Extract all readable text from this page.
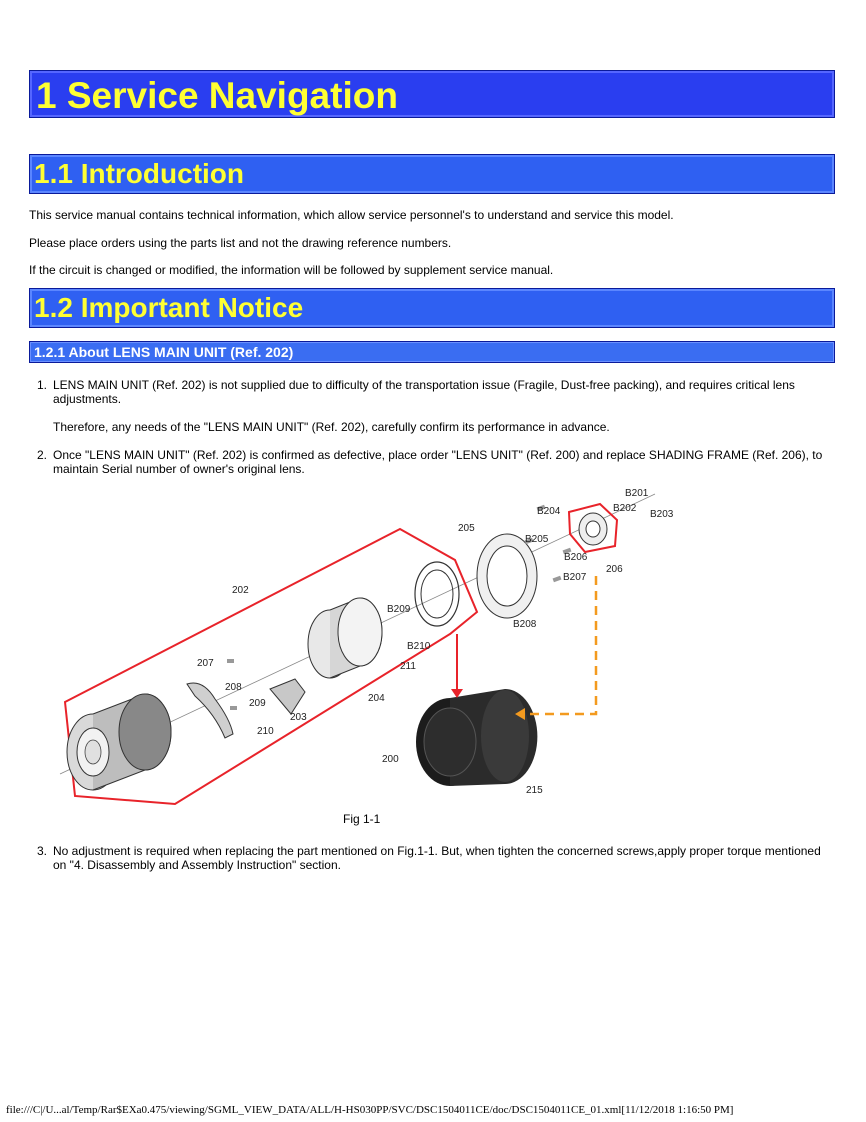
1 Service Navigation
1.1 Introduction
This service manual contains technical information, which allow service personnel's to understand and service this model.
Please place orders using the parts list and not the drawing reference numbers.
If the circuit is changed or modified, the information will be followed by supplement service manual.
1.2 Important Notice
1.2.1 About LENS MAIN UNIT (Ref. 202)
1. LENS MAIN UNIT (Ref. 202) is not supplied due to difficulty of the transportation issue (Fragile, Dust-free packing), and requires critical lens adjustments.
Therefore, any needs of the "LENS MAIN UNIT" (Ref. 202), carefully confirm its performance in advance.
2. Once "LENS MAIN UNIT" (Ref. 202) is confirmed as defective, place order "LENS UNIT" (Ref. 200) and replace SHADING FRAME (Ref. 206), to maintain Serial number of owner's original lens.
202
207
208
209
210
203
204
211
B209
B210
205
B204
B205
B206
B207
B208
B201
B202
B203
206
200
215
Fig 1-1
3. No adjustment is required when replacing the part mentioned on Fig.1-1. But, when tighten the concerned screws,apply proper torque mentioned on "4. Disassembly and Assembly Instruction" section.
file:///C|/U...al/Temp/Rar$EXa0.475/viewing/SGML_VIEW_DATA/ALL/H-HS030PP/SVC/DSC1504011CE/doc/DSC1504011CE_01.xml[11/12/2018 1:16:50 PM]
